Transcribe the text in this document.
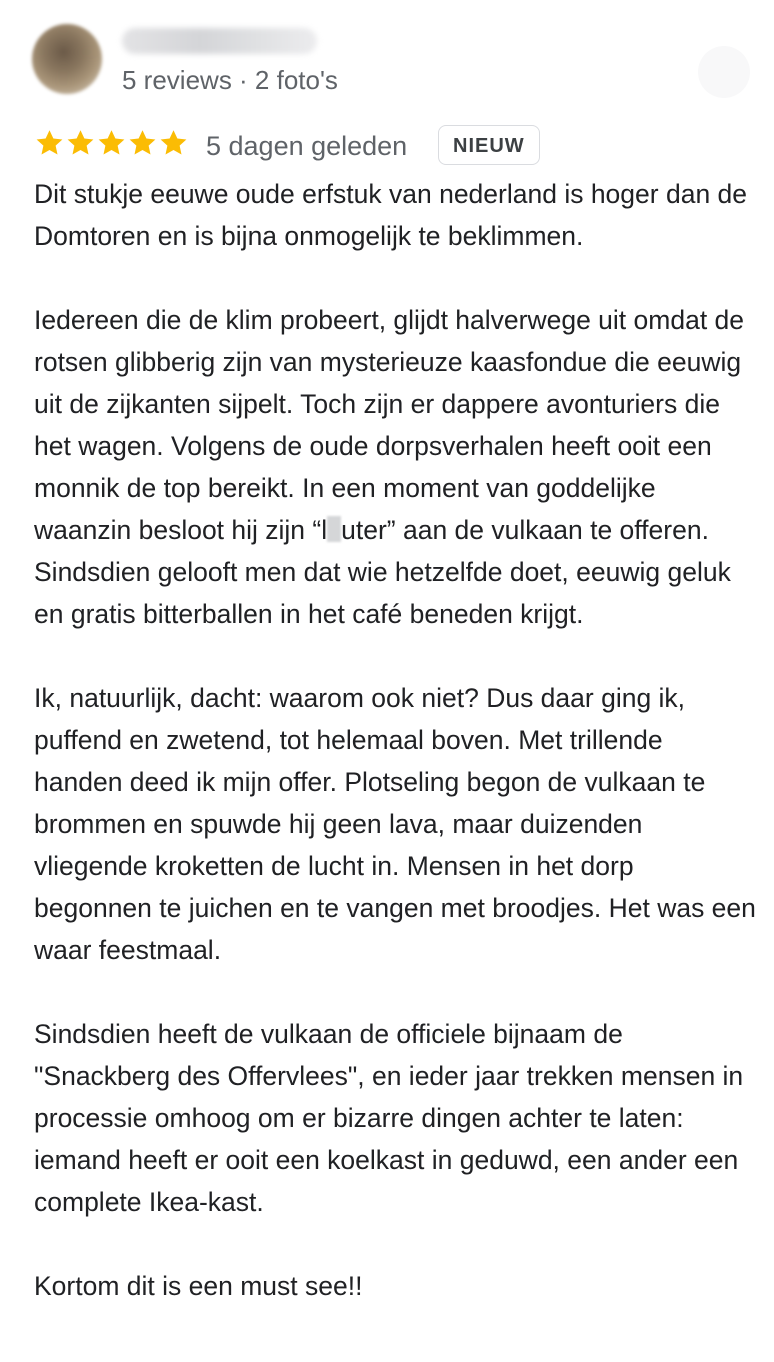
5 reviews · 2 foto's
5 dagen geleden	NIEUW

Dit stukje eeuwe oude erfstuk van nederland is hoger dan de Domtoren en is bijna onmogelijk te beklimmen.

Iedereen die de klim probeert, glijdt halverwege uit omdat de rotsen glibberig zijn van mysterieuze kaasfondue die eeuwig uit de zijkanten sijpelt. Toch zijn er dappere avonturiers die het wagen. Volgens de oude dorpsverhalen heeft ooit een monnik de top bereikt. In een moment van goddelijke waanzin besloot hij zijn “l uter” aan de vulkaan te offeren. Sindsdien gelooft men dat wie hetzelfde doet, eeuwig geluk en gratis bitterballen in het café beneden krijgt.

Ik, natuurlijk, dacht: waarom ook niet? Dus daar ging ik, puffend en zwetend, tot helemaal boven. Met trillende handen deed ik mijn offer. Plotseling begon de vulkaan te brommen en spuwde hij geen lava, maar duizenden vliegende kroketten de lucht in. Mensen in het dorp begonnen te juichen en te vangen met broodjes. Het was een waar feestmaal.

Sindsdien heeft de vulkaan de officiele bijnaam de "Snackberg des Offervlees", en ieder jaar trekken mensen in processie omhoog om er bizarre dingen achter te laten: iemand heeft er ooit een koelkast in geduwd, een ander een complete Ikea-kast.

Kortom dit is een must see!!
